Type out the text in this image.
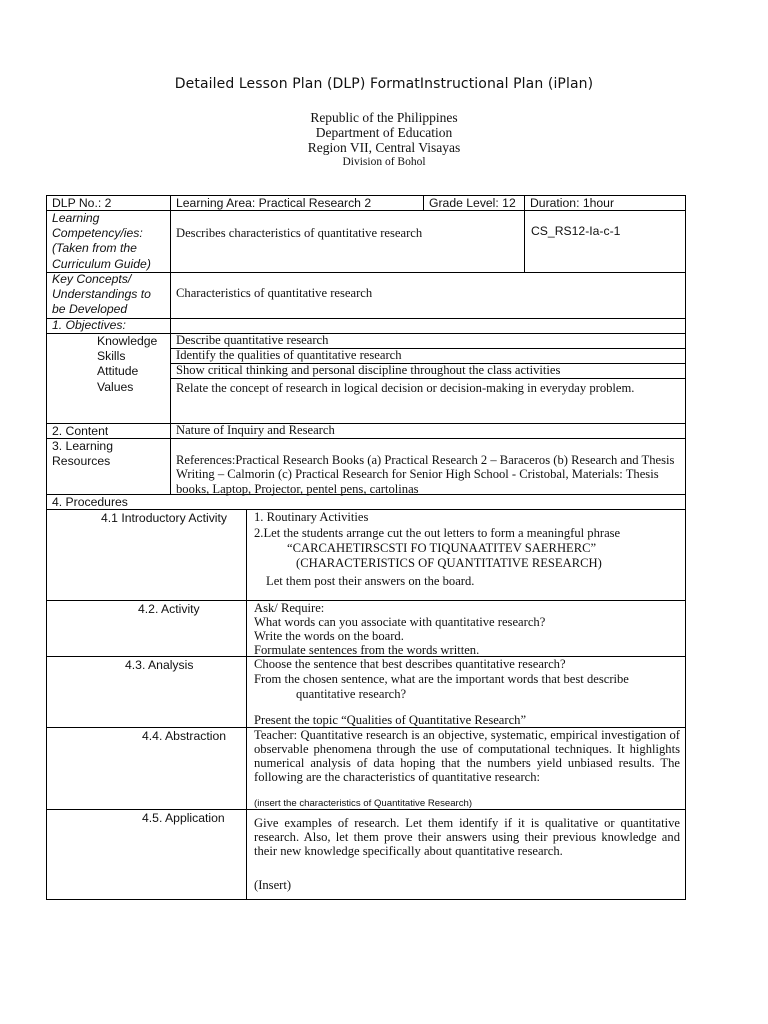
Detailed Lesson Plan (DLP) FormatInstructional Plan (iPlan)
Republic of the Philippines
Department of Education
Region VII, Central Visayas
Division of Bohol
DLP No.: 2	Learning Area: Practical Research 2	Grade Level: 12 Duration: 1hour
Learning
Competency/ies:
(Taken from the
Curriculum Guide)
Describes characteristics of quantitative research	CS_RS12-Ia-c-1
Key Concepts/
Understandings to
be Developed
Characteristics of quantitative research
1. Objectives:
Knowledge Describe quantitative research
Skills	Identify the qualities of quantitative research
Attitude	Show critical thinking and personal discipline throughout the class activities
Values	Relate the concept of research in logical decision or decision-making in everyday problem.
2. Content	Nature of Inquiry and Research
3. Learning
Resources	References:Practical Research Books (a) Practical Research 2 – Baraceros (b) Research and Thesis Writing – Calmorin (c) Practical Research for Senior High School - Cristobal, Materials: Thesis books, Laptop, Projector, pentel pens, cartolinas
4. Procedures
4.1 Introductory Activity 1. Routinary Activities
2.Let the students arrange cut the out letters to form a meaningful phrase
“CARCAHETIRSCSTI FO TIQUNAATITEV SAERHERC”
(CHARACTERISTICS OF QUANTITATIVE RESEARCH)
Let them post their answers on the board.
4.2. Activity	Ask/ Require:
What words can you associate with quantitative research?
Write the words on the board.
Formulate sentences from the words written.
4.3. Analysis	Choose the sentence that best describes quantitative research?
From the chosen sentence, what are the important words that best describe
quantitative research?
Present the topic “Qualities of Quantitative Research”
4.4. Abstraction Teacher: Quantitative research is an objective, systematic, empirical investigation of observable phenomena through the use of computational techniques. It highlights numerical analysis of data hoping that the numbers yield unbiased results. The following are the characteristics of quantitative research:
(insert the characteristics of Quantitative Research)
4.5. Application Give examples of research. Let them identify if it is qualitative or quantitative research. Also, let them prove their answers using their previous knowledge and their new knowledge specifically about quantitative research.
(Insert)
